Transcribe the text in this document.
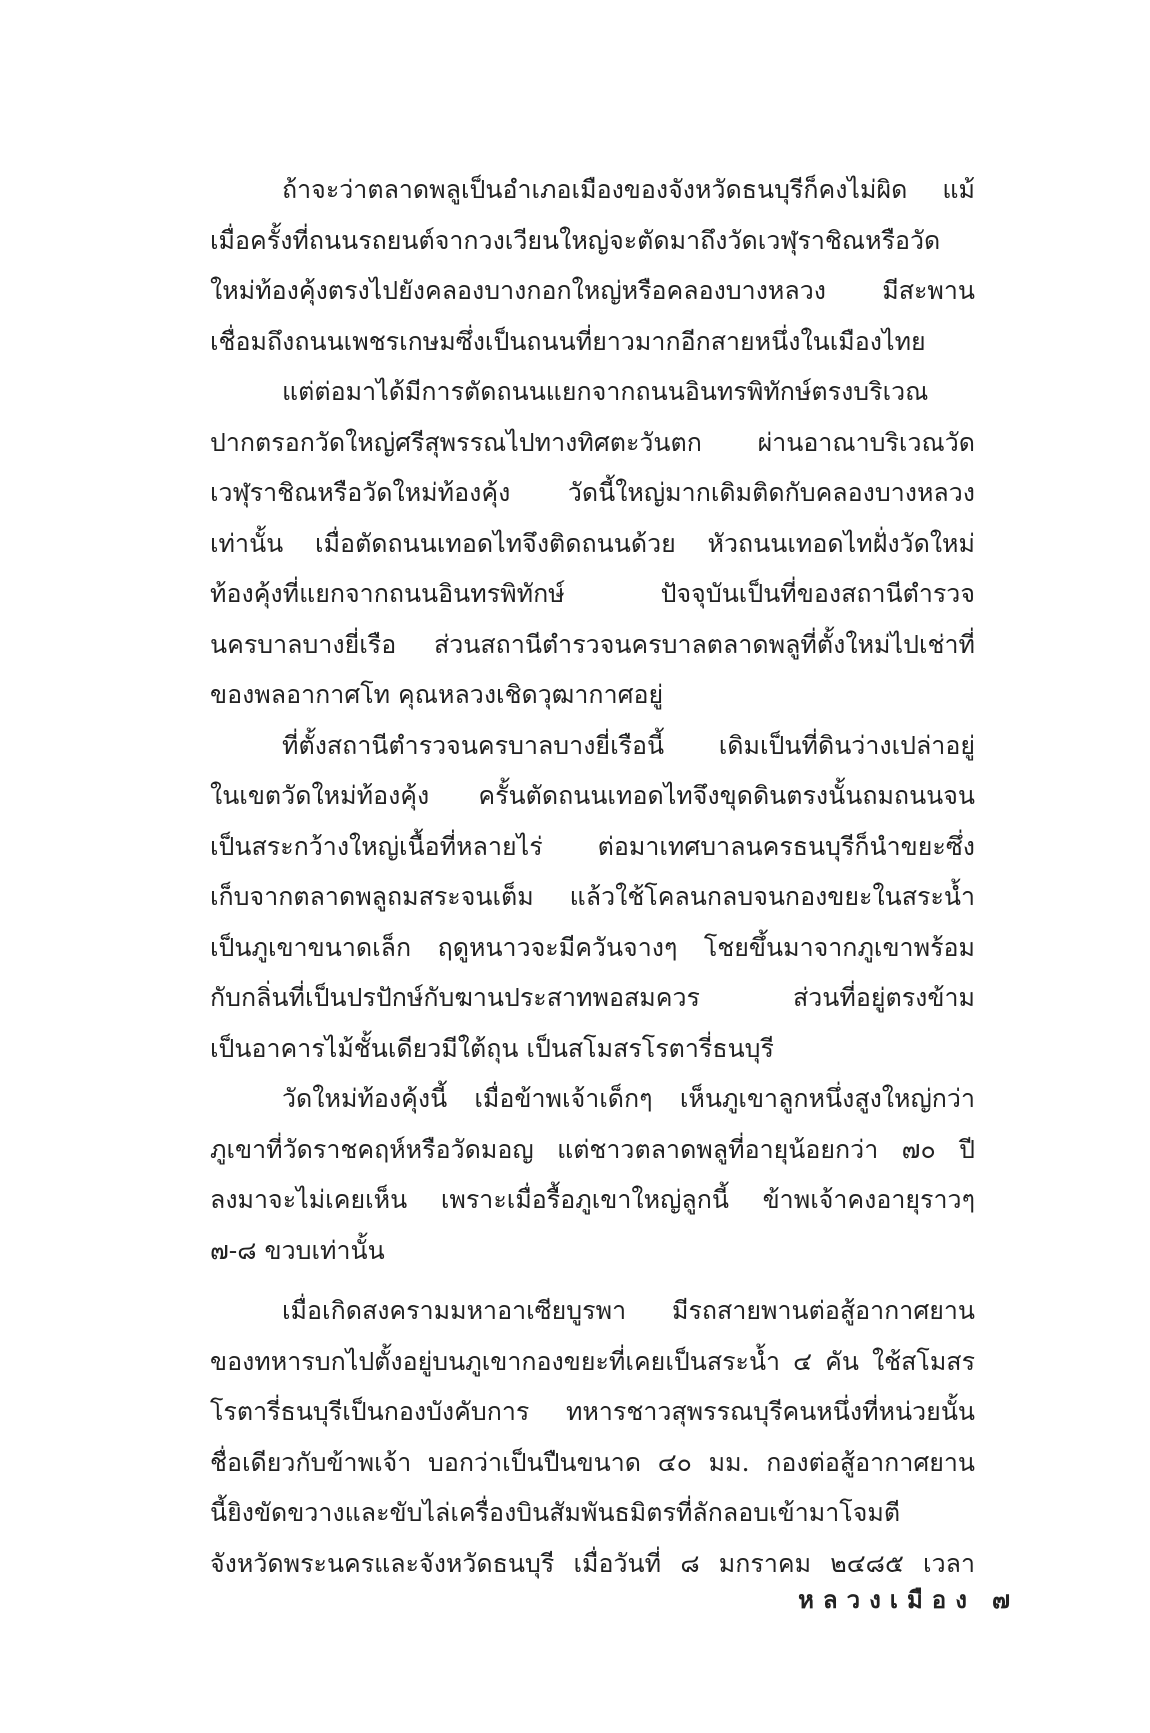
ถ้าจะว่าตลาดพลูเป็นอำเภอเมืองของจังหวัดธนบุรีก็คงไม่ผิด แม้
เมื่อครั้งที่ถนนรถยนต์จากวงเวียนใหญ่จะตัดมาถึงวัดเวฬุราชิณหรือวัด
ใหม่ท้องคุ้งตรงไปยังคลองบางกอกใหญ่หรือคลองบางหลวง มีสะพาน
เชื่อมถึงถนนเพชรเกษมซึ่งเป็นถนนที่ยาวมากอีกสายหนึ่งในเมืองไทย
แต่ต่อมาได้มีการตัดถนนแยกจากถนนอินทรพิทักษ์ตรงบริเวณ
ปากตรอกวัดใหญ่ศรีสุพรรณไปทางทิศตะวันตก ผ่านอาณาบริเวณวัด
เวฬุราชิณหรือวัดใหม่ท้องคุ้ง วัดนี้ใหญ่มากเดิมติดกับคลองบางหลวง
เท่านั้น เมื่อตัดถนนเทอดไทจึงติดถนนด้วย หัวถนนเทอดไทฝั่งวัดใหม่
ท้องคุ้งที่แยกจากถนนอินทรพิทักษ์ ปัจจุบันเป็นที่ของสถานีตำรวจ
นครบาลบางยี่เรือ ส่วนสถานีตำรวจนครบาลตลาดพลูที่ตั้งใหม่ไปเช่าที่
ของพลอากาศโท คุณหลวงเชิดวุฒากาศอยู่
ที่ตั้งสถานีตำรวจนครบาลบางยี่เรือนี้ เดิมเป็นที่ดินว่างเปล่าอยู่
ในเขตวัดใหม่ท้องคุ้ง ครั้นตัดถนนเทอดไทจึงขุดดินตรงนั้นถมถนนจน
เป็นสระกว้างใหญ่เนื้อที่หลายไร่ ต่อมาเทศบาลนครธนบุรีก็นำขยะซึ่ง
เก็บจากตลาดพลูถมสระจนเต็ม แล้วใช้โคลนกลบจนกองขยะในสระน้ำ
เป็นภูเขาขนาดเล็ก ฤดูหนาวจะมีควันจางๆ โชยขึ้นมาจากภูเขาพร้อม
กับกลิ่นที่เป็นปรปักษ์กับฆานประสาทพอสมควร ส่วนที่อยู่ตรงข้าม
เป็นอาคารไม้ชั้นเดียวมีใต้ถุน เป็นสโมสรโรตารี่ธนบุรี
วัดใหม่ท้องคุ้งนี้ เมื่อข้าพเจ้าเด็กๆ เห็นภูเขาลูกหนึ่งสูงใหญ่กว่า
ภูเขาที่วัดราชคฤห์หรือวัดมอญ แต่ชาวตลาดพลูที่อายุน้อยกว่า ๗๐ ปี
ลงมาจะไม่เคยเห็น เพราะเมื่อรื้อภูเขาใหญ่ลูกนี้ ข้าพเจ้าคงอายุราวๆ
๗-๘ ขวบเท่านั้น
เมื่อเกิดสงครามมหาอาเซียบูรพา มีรถสายพานต่อสู้อากาศยาน
ของทหารบกไปตั้งอยู่บนภูเขากองขยะที่เคยเป็นสระน้ำ ๔ คัน ใช้สโมสร
โรตารี่ธนบุรีเป็นกองบังคับการ ทหารชาวสุพรรณบุรีคนหนึ่งที่หน่วยนั้น
ชื่อเดียวกับข้าพเจ้า บอกว่าเป็นปืนขนาด ๔๐ มม. กองต่อสู้อากาศยาน
นี้ยิงขัดขวางและขับไล่เครื่องบินสัมพันธมิตรที่ลักลอบเข้ามาโจมตี
จังหวัดพระนครและจังหวัดธนบุรี เมื่อวันที่ ๘ มกราคม ๒๔๘๕ เวลา
หลวงเมือง ๗
